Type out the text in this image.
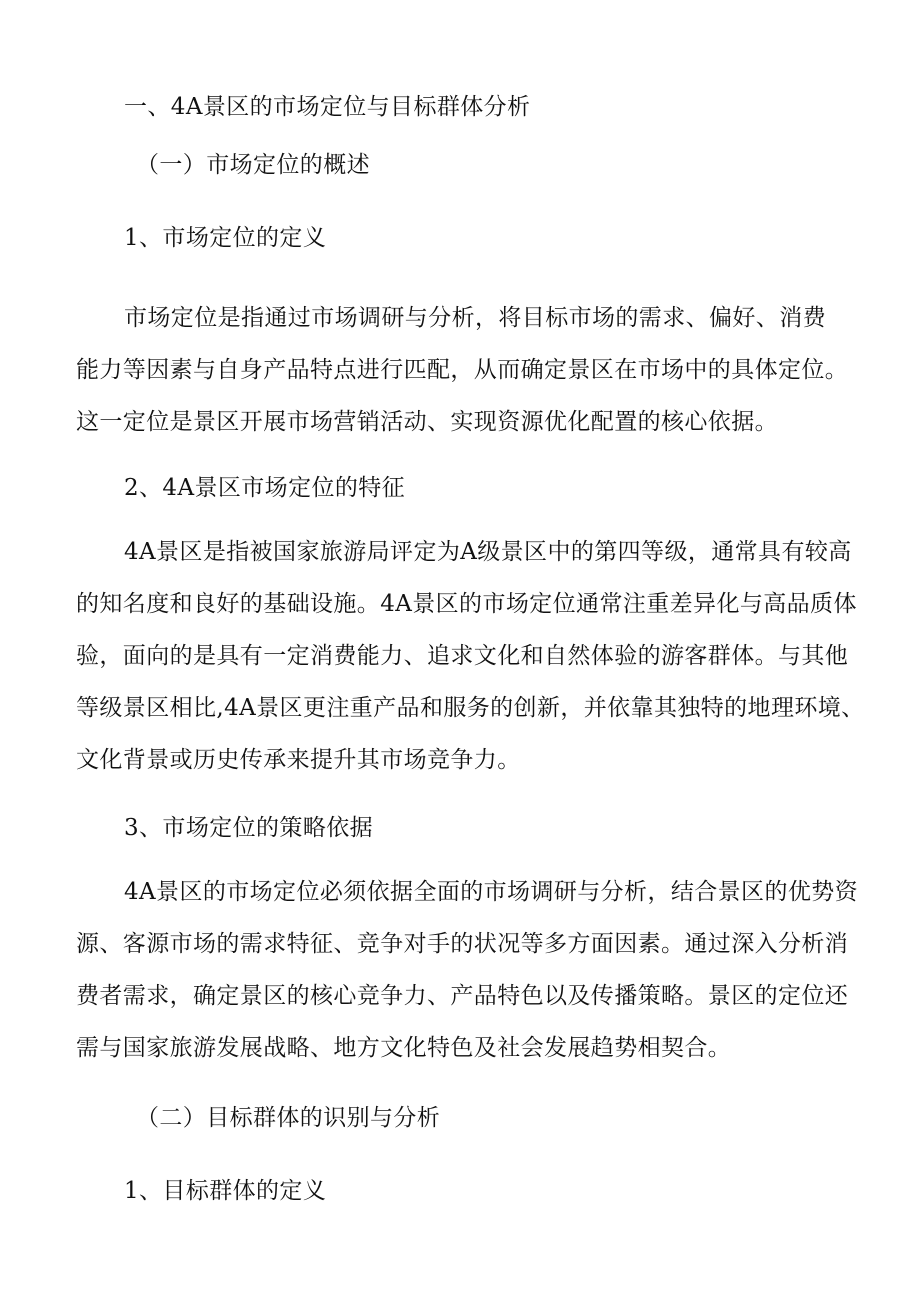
一、4A景区的市场定位与目标群体分析
（一）市场定位的概述
1、市场定位的定义
市场定位是指通过市场调研与分析，将目标市场的需求、偏好、消费
能力等因素与自身产品特点进行匹配，从而确定景区在市场中的具体定位。
这一定位是景区开展市场营销活动、实现资源优化配置的核心依据。
2、4A景区市场定位的特征
4A景区是指被国家旅游局评定为A级景区中的第四等级，通常具有较高
的知名度和良好的基础设施。4A景区的市场定位通常注重差异化与高品质体
验，面向的是具有一定消费能力、追求文化和自然体验的游客群体。与其他
等级景区相比,4A景区更注重产品和服务的创新，并依靠其独特的地理环境、
文化背景或历史传承来提升其市场竞争力。
3、市场定位的策略依据
4A景区的市场定位必须依据全面的市场调研与分析，结合景区的优势资
源、客源市场的需求特征、竞争对手的状况等多方面因素。通过深入分析消
费者需求，确定景区的核心竞争力、产品特色以及传播策略。景区的定位还
需与国家旅游发展战略、地方文化特色及社会发展趋势相契合。
（二）目标群体的识别与分析
1、目标群体的定义
